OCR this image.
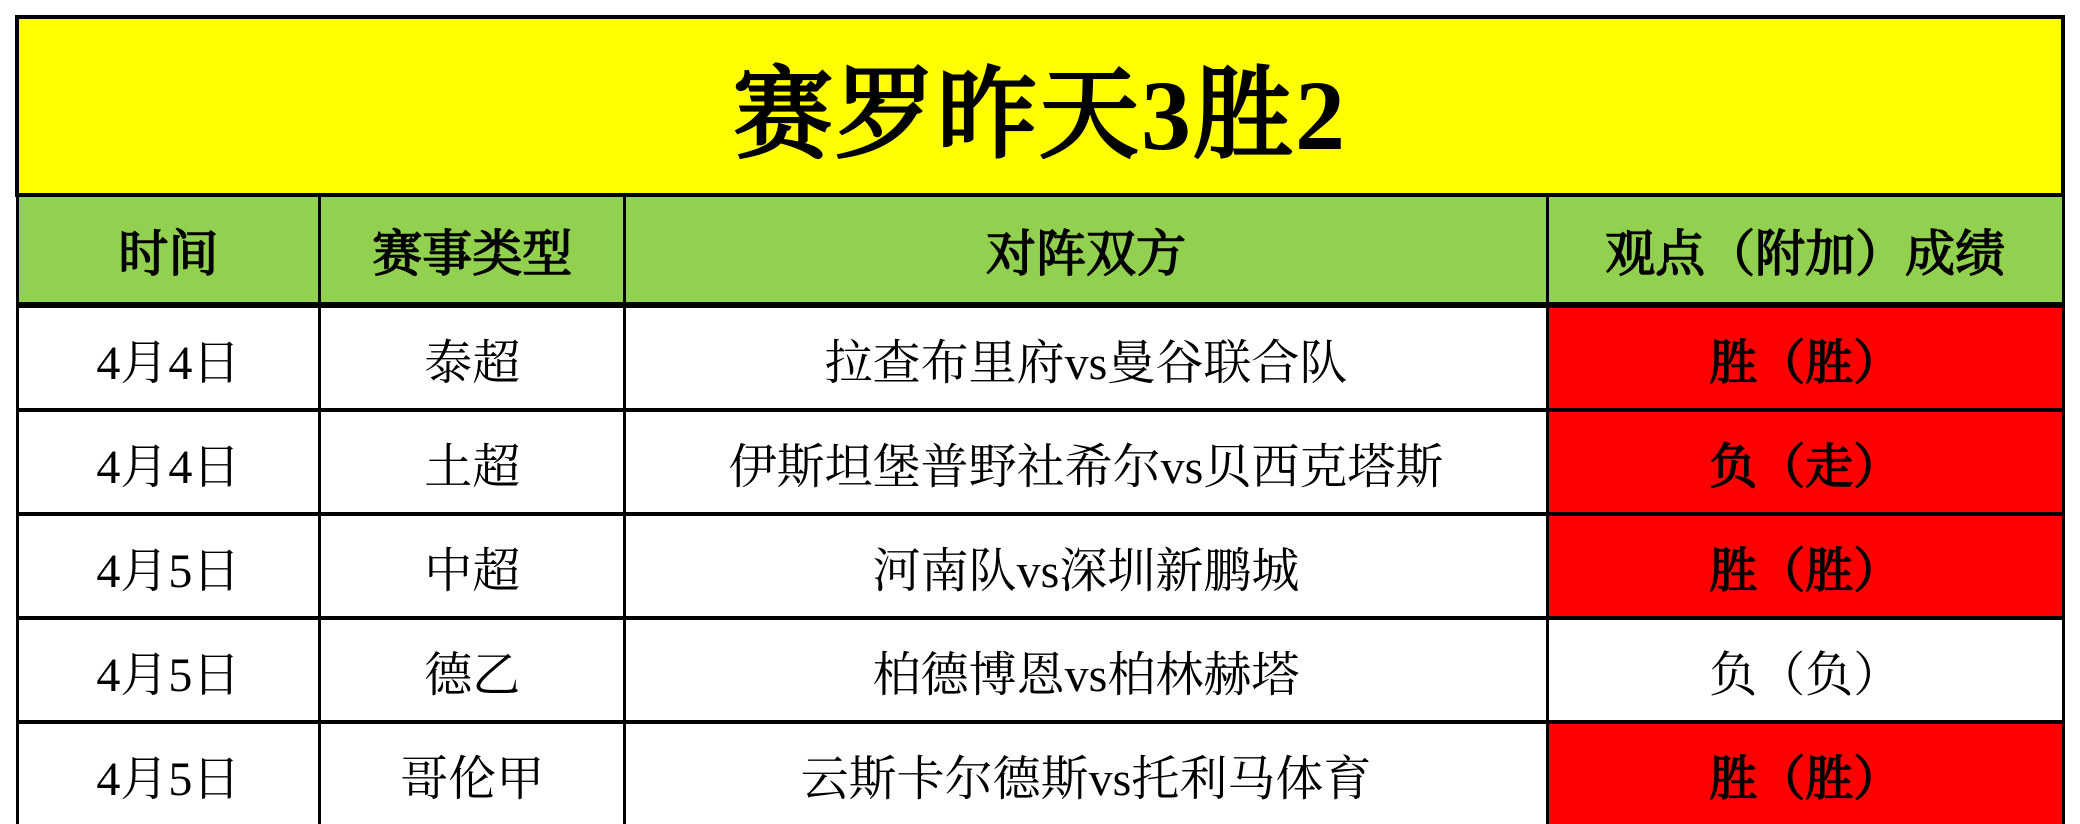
赛罗昨天3胜2			
时间	赛事类型	对阵双方	观点（附加）成绩
4月4日	泰超	拉查布里府vs曼谷联合队	胜（胜）
4月4日	土超	伊斯坦堡普野社希尔vs贝西克塔斯	负（走）
4月5日	中超	河南队vs深圳新鹏城	胜（胜）
4月5日	德乙	柏德博恩vs柏林赫塔	负（负）
4月5日	哥伦甲	云斯卡尔德斯vs托利马体育	胜（胜）
